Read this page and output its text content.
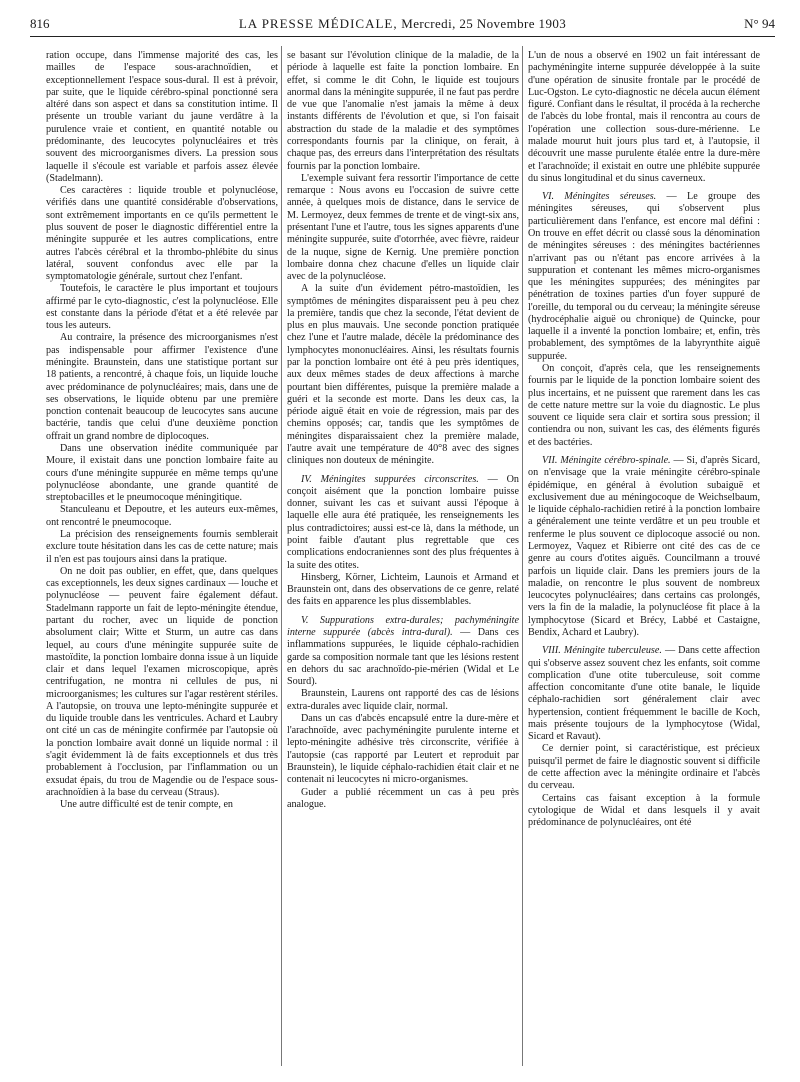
816	LA PRESSE MÉDICALE, Mercredi, 25 Novembre 1903	N° 94

ration occupe, dans l'immense majorité des cas, les mailles de l'espace sous-arachnoïdien, et exceptionnellement l'espace sous-dural. Il est à prévoir, par suite, que le liquide cérébro-spinal ponctionné sera altéré dans son aspect et dans sa constitution intime. Il présente un trouble variant du jaune verdâtre à la purulence vraie et contient, en quantité notable ou prédominante, des leucocytes polynucléaires et très souvent des microorganismes divers. La pression sous laquelle il s'écoule est variable et parfois assez élevée (Stadelmann).

Ces caractères : liquide trouble et polynucléose, vérifiés dans une quantité considérable d'observations, sont extrêmement importants en ce qu'ils permettent le plus souvent de poser le diagnostic différentiel entre la méningite suppurée et les autres complications, entre autres l'abcès cérébral et la thrombo-phlébite du sinus latéral, souvent confondus avec elle par la symptomatologie générale, surtout chez l'enfant.

Toutefois, le caractère le plus important et toujours affirmé par le cyto-diagnostic, c'est la polynucléose. Elle est constante dans la période d'état et a été relevée par tous les auteurs.

Au contraire, la présence des microorganismes n'est pas indispensable pour affirmer l'existence d'une méningite. Braunstein, dans une statistique portant sur 18 patients, a rencontré, à chaque fois, un liquide louche avec prédominance de polynucléaires; mais, dans une de ses observations, le liquide obtenu par une première ponction contenait beaucoup de leucocytes sans aucune bactérie, tandis que celui d'une deuxième ponction offrait un grand nombre de diplocoques.

Dans une observation inédite communiquée par Moure, il existait dans une ponction lombaire faite au cours d'une méningite suppurée en même temps qu'une polynucléose abondante, une grande quantité de streptobacilles et le pneumocoque méningitique.

Stanculeanu et Depoutre, et les auteurs eux-mêmes, ont rencontré le pneumocoque.

La précision des renseignements fournis semblerait exclure toute hésitation dans les cas de cette nature; mais il n'en est pas toujours ainsi dans la pratique.

On ne doit pas oublier, en effet, que, dans quelques cas exceptionnels, les deux signes cardinaux — louche et polynucléose — peuvent faire également défaut. Stadelmann rapporte un fait de lepto-méningite étendue, partant du rocher, avec un liquide de ponction absolument clair; Witte et Sturm, un autre cas dans lequel, au cours d'une méningite suppurée suite de mastoïdite, la ponction lombaire donna issue à un liquide clair et dans lequel l'examen microscopique, après centrifugation, ne montra ni cellules de pus, ni microorganismes; les cultures sur l'agar restèrent stériles. A l'autopsie, on trouva une lepto-méningite suppurée et du liquide trouble dans les ventricules. Achard et Laubry ont cité un cas de méningite confirmée par l'autopsie où la ponction lombaire avait donné un liquide normal : il s'agit évidemment là de faits exceptionnels et dus très probablement à l'occlusion, par l'inflammation ou un exsudat épais, du trou de Magendie ou de l'espace sous-arachnoïdien à la base du cerveau (Straus).

Une autre difficulté est de tenir compte, en

se basant sur l'évolution clinique de la maladie, de la période à laquelle est faite la ponction lombaire. En effet, si comme le dit Cohn, le liquide est toujours anormal dans la méningite suppurée, il ne faut pas perdre de vue que l'anomalie n'est jamais la même à deux instants différents de l'évolution et que, si l'on faisait abstraction du stade de la maladie et des symptômes correspondants fournis par la clinique, on ferait, à chaque pas, des erreurs dans l'interprétation des résultats fournis par la ponction lombaire.

L'exemple suivant fera ressortir l'importance de cette remarque : Nous avons eu l'occasion de suivre cette année, à quelques mois de distance, dans le service de M. Lermoyez, deux femmes de trente et de vingt-six ans, présentant l'une et l'autre, tous les signes apparents d'une méningite suppurée, suite d'otorrhée, avec fièvre, raideur de la nuque, signe de Kernig. Une première ponction lombaire donna chez chacune d'elles un liquide clair avec de la polynucléose.

A la suite d'un évidement pétro-mastoïdien, les symptômes de méningites disparaissent peu à peu chez la première, tandis que chez la seconde, l'état devient de plus en plus mauvais. Une seconde ponction pratiquée chez l'une et l'autre malade, décèle la prédominance des lymphocytes mononucléaires. Ainsi, les résultats fournis par la ponction lombaire ont été à peu près identiques, aux deux mêmes stades de deux affections à marche pourtant bien différentes, puisque la première malade a guéri et la seconde est morte. Dans les deux cas, la période aiguë était en voie de régression, mais par des chemins opposés; car, tandis que les symptômes de méningites disparaissaient chez la première malade, l'autre avait une température de 40°8 avec des signes cliniques non douteux de méningite.

IV. Méningites suppurées circonscrites. — On conçoit aisément que la ponction lombaire puisse donner, suivant les cas et suivant aussi l'époque à laquelle elle aura été pratiquée, les renseignements les plus contradictoires; aussi est-ce là, dans la méthode, un point faible d'autant plus regrettable que ces complications endocraniennes sont des plus fréquentes à la suite des otites.

Hinsberg, Körner, Lichteim, Launois et Armand et Braunstein ont, dans des observations de ce genre, relaté des faits en apparence les plus dissemblables.

V. Suppurations extra-durales; pachyméningite interne suppurée (abcès intra-dural). — Dans ces inflammations suppurées, le liquide céphalo-rachidien garde sa composition normale tant que les lésions restent en dehors du sac arachnoïdo-pie-mérien (Widal et Le Sourd).

Braunstein, Laurens ont rapporté des cas de lésions extra-durales avec liquide clair, normal.

Dans un cas d'abcès encapsulé entre la dure-mère et l'arachnoïde, avec pachyméningite purulente interne et lepto-méningite adhésive très circonscrite, vérifiée à l'autopsie (cas rapporté par Leutert et reproduit par Braunstein), le liquide céphalo-rachidien était clair et ne contenait ni leucocytes ni micro-organismes.

Guder a publié récemment un cas à peu près analogue.

L'un de nous a observé en 1902 un fait intéressant de pachyméningite interne suppurée développée à la suite d'une opération de sinusite frontale par le procédé de Luc-Ogston. Le cyto-diagnostic ne décela aucun élément figuré. Confiant dans le résultat, il procéda à la recherche de l'abcès du lobe frontal, mais il rencontra au cours de l'opération une collection sous-dure-mérienne. Le malade mourut huit jours plus tard et, à l'autopsie, il découvrit une masse purulente étalée entre la dure-mère et l'arachnoïde; il existait en outre une phlébite suppurée du sinus longitudinal et du sinus caverneux.

VI. Méningites séreuses. — Le groupe des méningites séreuses, qui s'observent plus particulièrement dans l'enfance, est encore mal défini : On trouve en effet décrit ou classé sous la dénomination de méningites séreuses : des méningites bactériennes n'arrivant pas ou n'étant pas encore arrivées à la suppuration et contenant les mêmes micro-organismes que les méningites suppurées; des méningites par pénétration de toxines parties d'un foyer suppuré de l'oreille, du temporal ou du cerveau; la méningite séreuse (hydrocéphalie aiguë ou chronique) de Quincke, pour laquelle il a inventé la ponction lombaire; et, enfin, très probablement, des symptômes de la labyrynthite aiguë suppurée.

On conçoit, d'après cela, que les renseignements fournis par le liquide de la ponction lombaire soient des plus incertains, et ne puissent que rarement dans les cas de cette nature mettre sur la voie du diagnostic. Le plus souvent ce liquide sera clair et sortira sous pression; il contiendra ou non, suivant les cas, des éléments figurés et des bactéries.

VII. Méningite cérébro-spinale. — Si, d'après Sicard, on n'envisage que la vraie méningite cérébro-spinale épidémique, en général à évolution subaiguë et exclusivement due au méningocoque de Weichselbaum, le liquide céphalo-rachidien retiré à la ponction lombaire a généralement une teinte verdâtre et un peu trouble et renferme le plus souvent ce diplocoque associé ou non. Lermoyez, Vaquez et Ribierre ont cité des cas de ce genre au cours d'otites aiguës. Councilmann a trouvé parfois un liquide clair. Dans les premiers jours de la maladie, on rencontre le plus souvent de nombreux leucocytes polynucléaires; dans certains cas prolongés, vers la fin de la maladie, la polynucléose fit place à la lymphocytose (Sicard et Brécy, Labbé et Castaigne, Bendix, Achard et Laubry).

VIII. Méningite tuberculeuse. — Dans cette affection qui s'observe assez souvent chez les enfants, soit comme complication d'une otite tuberculeuse, soit comme affection concomitante d'une otite banale, le liquide céphalo-rachidien sort généralement clair avec hypertension, contient fréquemment le bacille de Koch, mais présente toujours de la lymphocytose (Widal, Sicard et Ravaut).

Ce dernier point, si caractéristique, est précieux puisqu'il permet de faire le diagnostic souvent si difficile de cette affection avec la méningite ordinaire et l'abcès du cerveau.

Certains cas faisant exception à la formule cytologique de Widal et dans lesquels il y avait prédominance de polynucléaires, ont été
